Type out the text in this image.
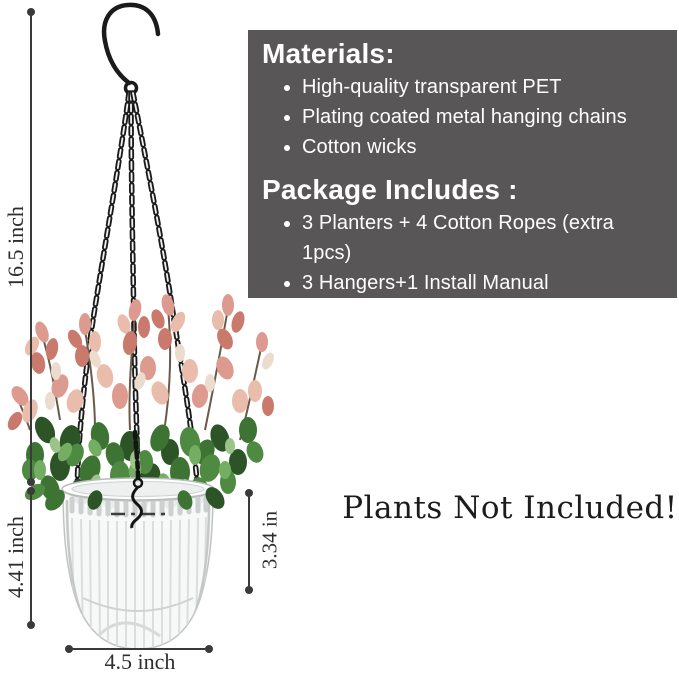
16.5 inch
4.41 inch	3.34 in
4.5 inch
Materials:
• High-quality transparent PET
• Plating coated metal hanging chains
• Cotton wicks
Package Includes :
• 3 Planters + 4 Cotton Ropes (extra 1pcs)
• 3 Hangers+1 Install Manual
Plants Not Included!
